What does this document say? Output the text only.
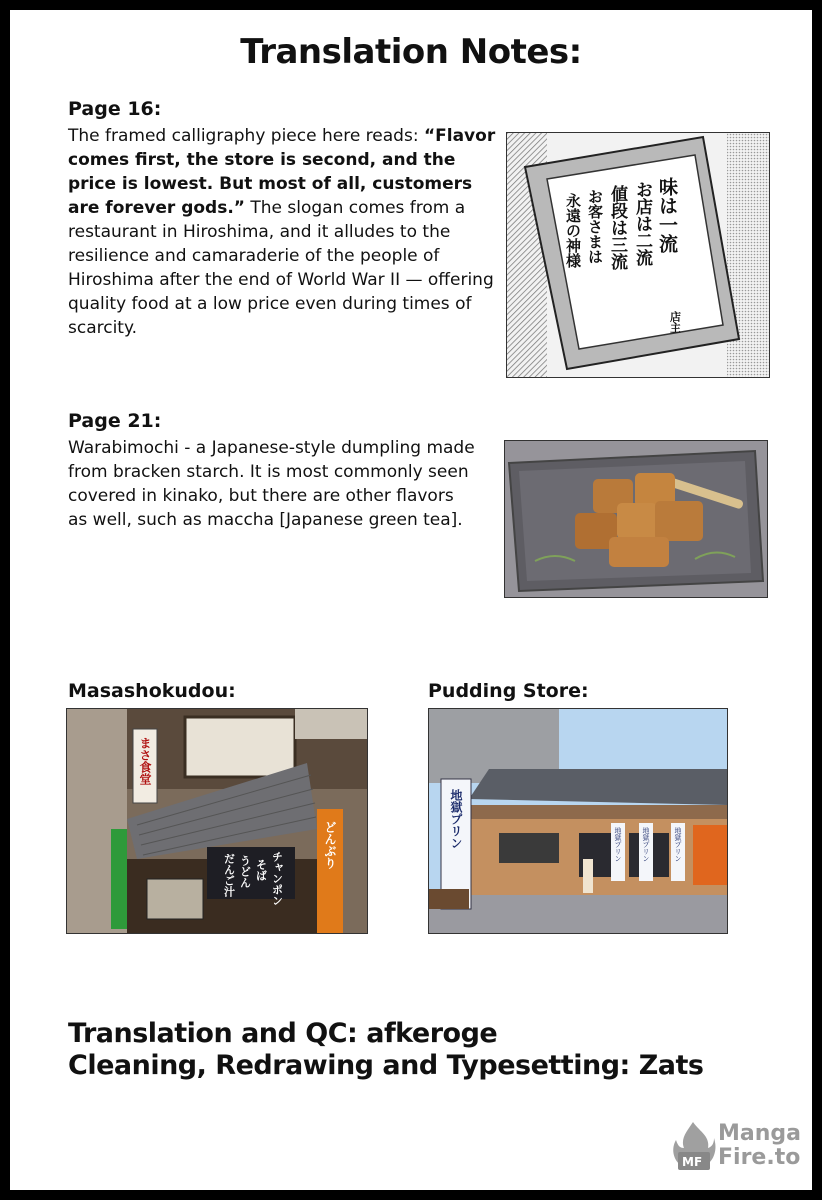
Translation Notes:
Page 16:
The framed calligraphy piece here reads: “Flavor comes first, the store is second, and the price is lowest. But most of all, customers are forever gods.” The slogan comes from a restaurant in Hiroshima, and it alludes to the resilience and camaraderie of the people of Hiroshima after the end of World War II — offering quality food at a low price even during times of scarcity.
味は一流
お店は二流
値段は三流
お客さまは
永遠の神様
店主
Page 21:
Warabimochi - a Japanese-style dumpling made from bracken starch. It is most commonly seen covered in kinako, but there are other flavors as well, such as maccha [Japanese green tea].
Masashokudou:
チャンポン
そば
うどん
だんご汁
まさ食堂
どんぶり
Pudding Store:
地獄プリン	地獄プリン	地獄プリン	地獄プリン
Translation and QC: afkeroge
Cleaning, Redrawing and Typesetting: Zats
MF
Manga
Fire.to
